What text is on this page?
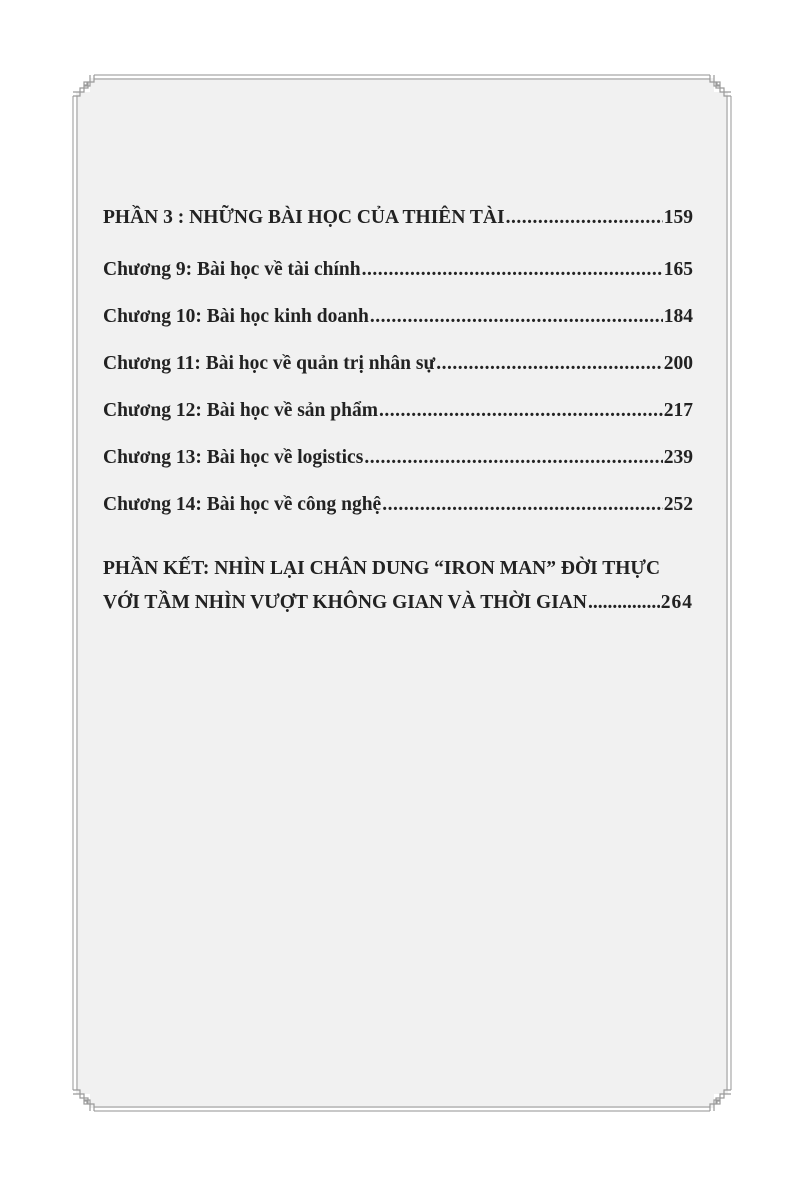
PHẦN 3 : NHỮNG BÀI HỌC CỦA THIÊN TÀI .....	159
Chương 9: Bài học về tài chính .....	165
Chương 10: Bài học kinh doanh .....	184
Chương 11: Bài học về quản trị nhân sự .....	200
Chương 12: Bài học về sản phẩm .....	217
Chương 13: Bài học về logistics .....	239
Chương 14: Bài học về công nghệ .....	252
PHẦN KẾT: NHÌN LẠI CHÂN DUNG “IRON MAN” ĐỜI THỰC
VỚI TẦM NHÌN VƯỢT KHÔNG GIAN VÀ THỜI GIAN .....	264
